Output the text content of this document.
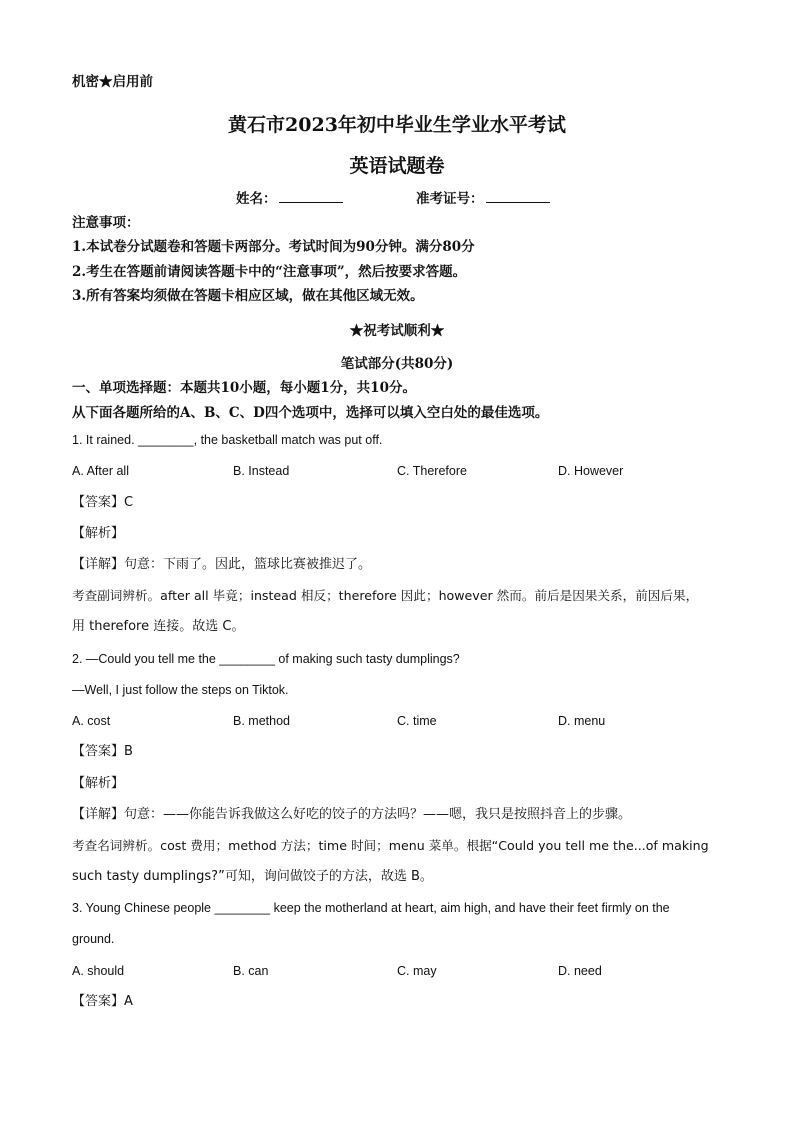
机密★启用前
黄石市2023年初中毕业生学业水平考试
英语试题卷
姓名：	准考证号：
注意事项：
1.本试卷分试题卷和答题卡两部分。考试时间为90分钟。满分80分
2.考生在答题前请阅读答题卡中的“注意事项”，然后按要求答题。
3.所有答案均须做在答题卡相应区域，做在其他区域无效。
★祝考试顺利★
笔试部分(共80分)
一、单项选择题：本题共10小题，每小题1分，共10分。
从下面各题所给的A、B、C、D四个选项中，选择可以填入空白处的最佳选项。
1. It rained. ________, the basketball match was put off.
A. After all	B. Instead	C. Therefore	D. However
【答案】C
【解析】
【详解】句意：下雨了。因此，篮球比赛被推迟了。
考查副词辨析。after all 毕竟；instead 相反；therefore 因此；however 然而。前后是因果关系，前因后果，
用 therefore 连接。故选 C。
2. —Could you tell me the ________ of making such tasty dumplings?
—Well, I just follow the steps on Tiktok.
A. cost	B. method	C. time	D. menu
【答案】B
【解析】
【详解】句意：——你能告诉我做这么好吃的饺子的方法吗？——嗯，我只是按照抖音上的步骤。
考查名词辨析。cost 费用；method 方法；time 时间；menu 菜单。根据“Could you tell me the...of making
such tasty dumplings?”可知，询问做饺子的方法，故选 B。
3. Young Chinese people ________ keep the motherland at heart, aim high, and have their feet firmly on the
ground.
A. should	B. can	C. may	D. need
【答案】A
